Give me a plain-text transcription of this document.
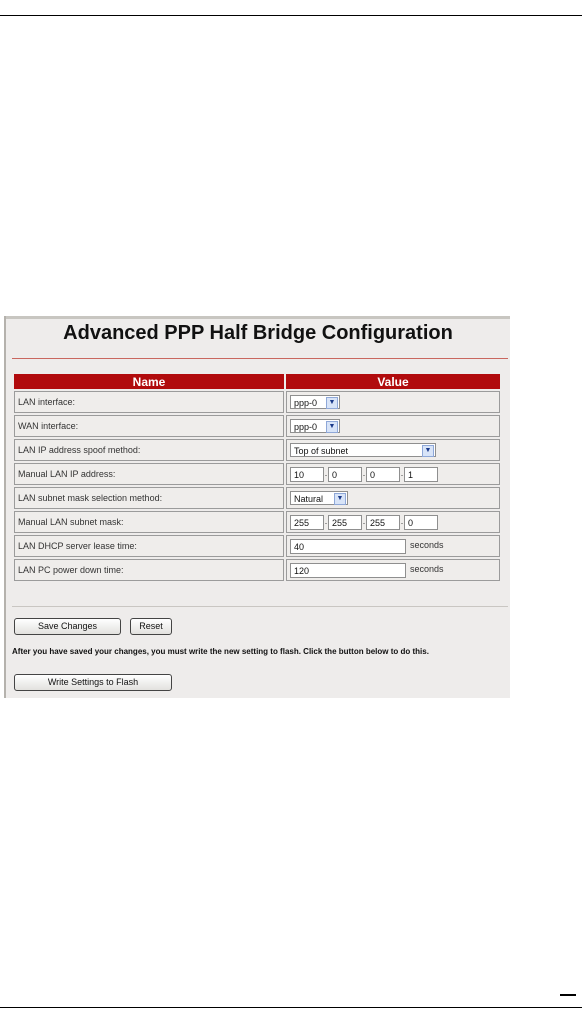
Advanced PPP Half Bridge Configuration
Name	Value
LAN interface:	ppp-0 ▼

WAN interface:	ppp-0 ▼

LAN IP address spoof method:	Top of subnet ▼

Manual LAN IP address:	10 . 0 . 0 . 1
LAN subnet mask selection method:	Natural ▼

Manual LAN subnet mask:	255 . 255 . 255 . 0
LAN DHCP server lease time:	40 seconds
LAN PC power down time:	120 seconds
Save Changes	Reset
After you have saved your changes, you must write the new setting to flash. Click the button below to do this.
Write Settings to Flash
